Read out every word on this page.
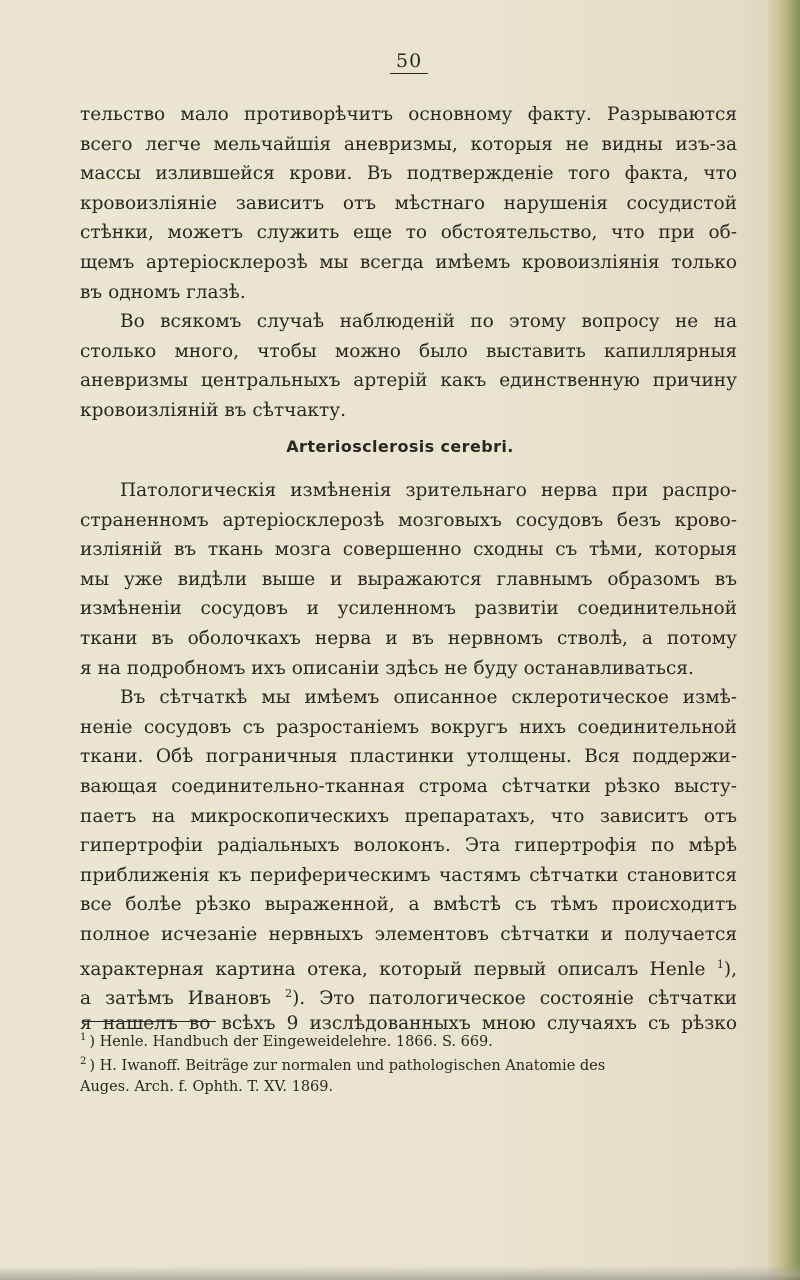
50
тельство мало противорѣчитъ основному факту. Разрываются
всего легче мельчайшія аневризмы, которыя не видны изъ-за
массы излившейся крови. Въ подтвержденіе того факта, что
кровоизліяніе зависитъ отъ мѣстнаго нарушенія сосудистой
стѣнки, можетъ служить еще то обстоятельство, что при об-
щемъ артеріосклерозѣ мы всегда имѣемъ кровоизліянія только
въ одномъ глазѣ.
Во всякомъ случаѣ наблюденій по этому вопросу не на
столько много, чтобы можно было выставить капиллярныя
аневризмы центральныхъ артерій какъ единственную причину
кровоизліяній въ сѣтчакту.
Arteriosclerosis cerebri.
Патологическія измѣненія зрительнаго нерва при распро-
страненномъ артеріосклерозѣ мозговыхъ сосудовъ безъ крово-
изліяній въ ткань мозга совершенно сходны съ тѣми, которыя
мы уже видѣли выше и выражаются главнымъ образомъ въ
измѣненіи сосудовъ и усиленномъ развитіи соединительной
ткани въ оболочкахъ нерва и въ нервномъ стволѣ, а потому
я на подробномъ ихъ описаніи здѣсь не буду останавливаться.
Въ сѣтчаткѣ мы имѣемъ описанное склеротическое измѣ-
неніе сосудовъ съ разростаніемъ вокругъ нихъ соединительной
ткани. Обѣ пограничныя пластинки утолщены. Вся поддержи-
вающая соединительно-тканная строма сѣтчатки рѣзко высту-
паетъ на микроскопическихъ препаратахъ, что зависитъ отъ
гипертрофіи радіальныхъ волоконъ. Эта гипертрофія по мѣрѣ
приближенія къ периферическимъ частямъ сѣтчатки становится
все болѣе рѣзко выраженной, а вмѣстѣ съ тѣмъ происходитъ
полное исчезаніе нервныхъ элементовъ сѣтчатки и получается
характерная картина отека, который первый описалъ Henle $^1$),
а затѣмъ Ивановъ $^2$). Это патологическое состояніе сѣтчатки
я нашелъ во всѣхъ 9 изслѣдованныхъ мною случаяхъ съ рѣзко
$^1$ ) Henle. Handbuch der Eingeweidelehre. 1866. S. 669.
$^2$ ) H. Iwanoff. Beiträge zur normalen und pathologischen Anatomie des
Auges. Arch. f. Ophth. T. XV. 1869.
